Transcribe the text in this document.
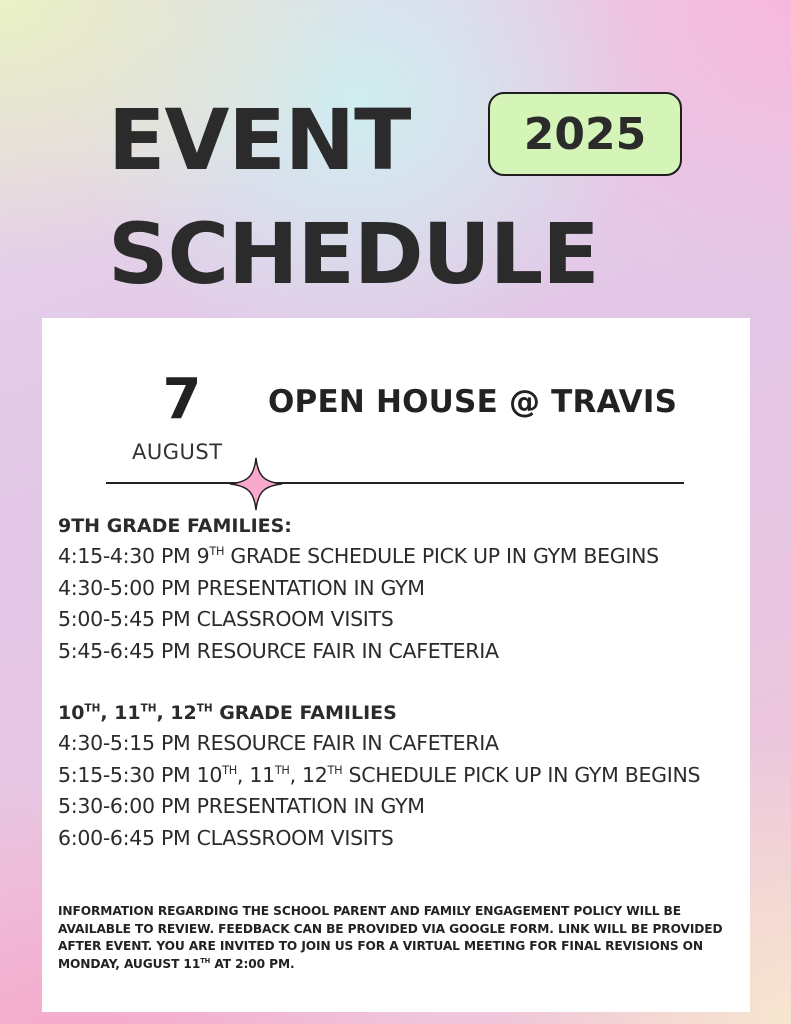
EVENT
SCHEDULE
2025
7
AUGUST
OPEN HOUSE @ TRAVIS
9TH GRADE FAMILIES:
4:15-4:30 PM 9TH GRADE SCHEDULE PICK UP IN GYM BEGINS
4:30-5:00 PM PRESENTATION IN GYM
5:00-5:45 PM CLASSROOM VISITS
5:45-6:45 PM RESOURCE FAIR IN CAFETERIA
10TH, 11TH, 12TH GRADE FAMILIES
4:30-5:15 PM RESOURCE FAIR IN CAFETERIA
5:15-5:30 PM 10TH, 11TH, 12TH SCHEDULE PICK UP IN GYM BEGINS
5:30-6:00 PM PRESENTATION IN GYM
6:00-6:45 PM CLASSROOM VISITS

INFORMATION REGARDING THE SCHOOL PARENT AND FAMILY ENGAGEMENT POLICY WILL BE AVAILABLE TO REVIEW. FEEDBACK CAN BE PROVIDED VIA GOOGLE FORM. LINK WILL BE PROVIDED AFTER EVENT. YOU ARE INVITED TO JOIN US FOR A VIRTUAL MEETING FOR FINAL REVISIONS ON MONDAY, AUGUST 11TH AT 2:00 PM.
